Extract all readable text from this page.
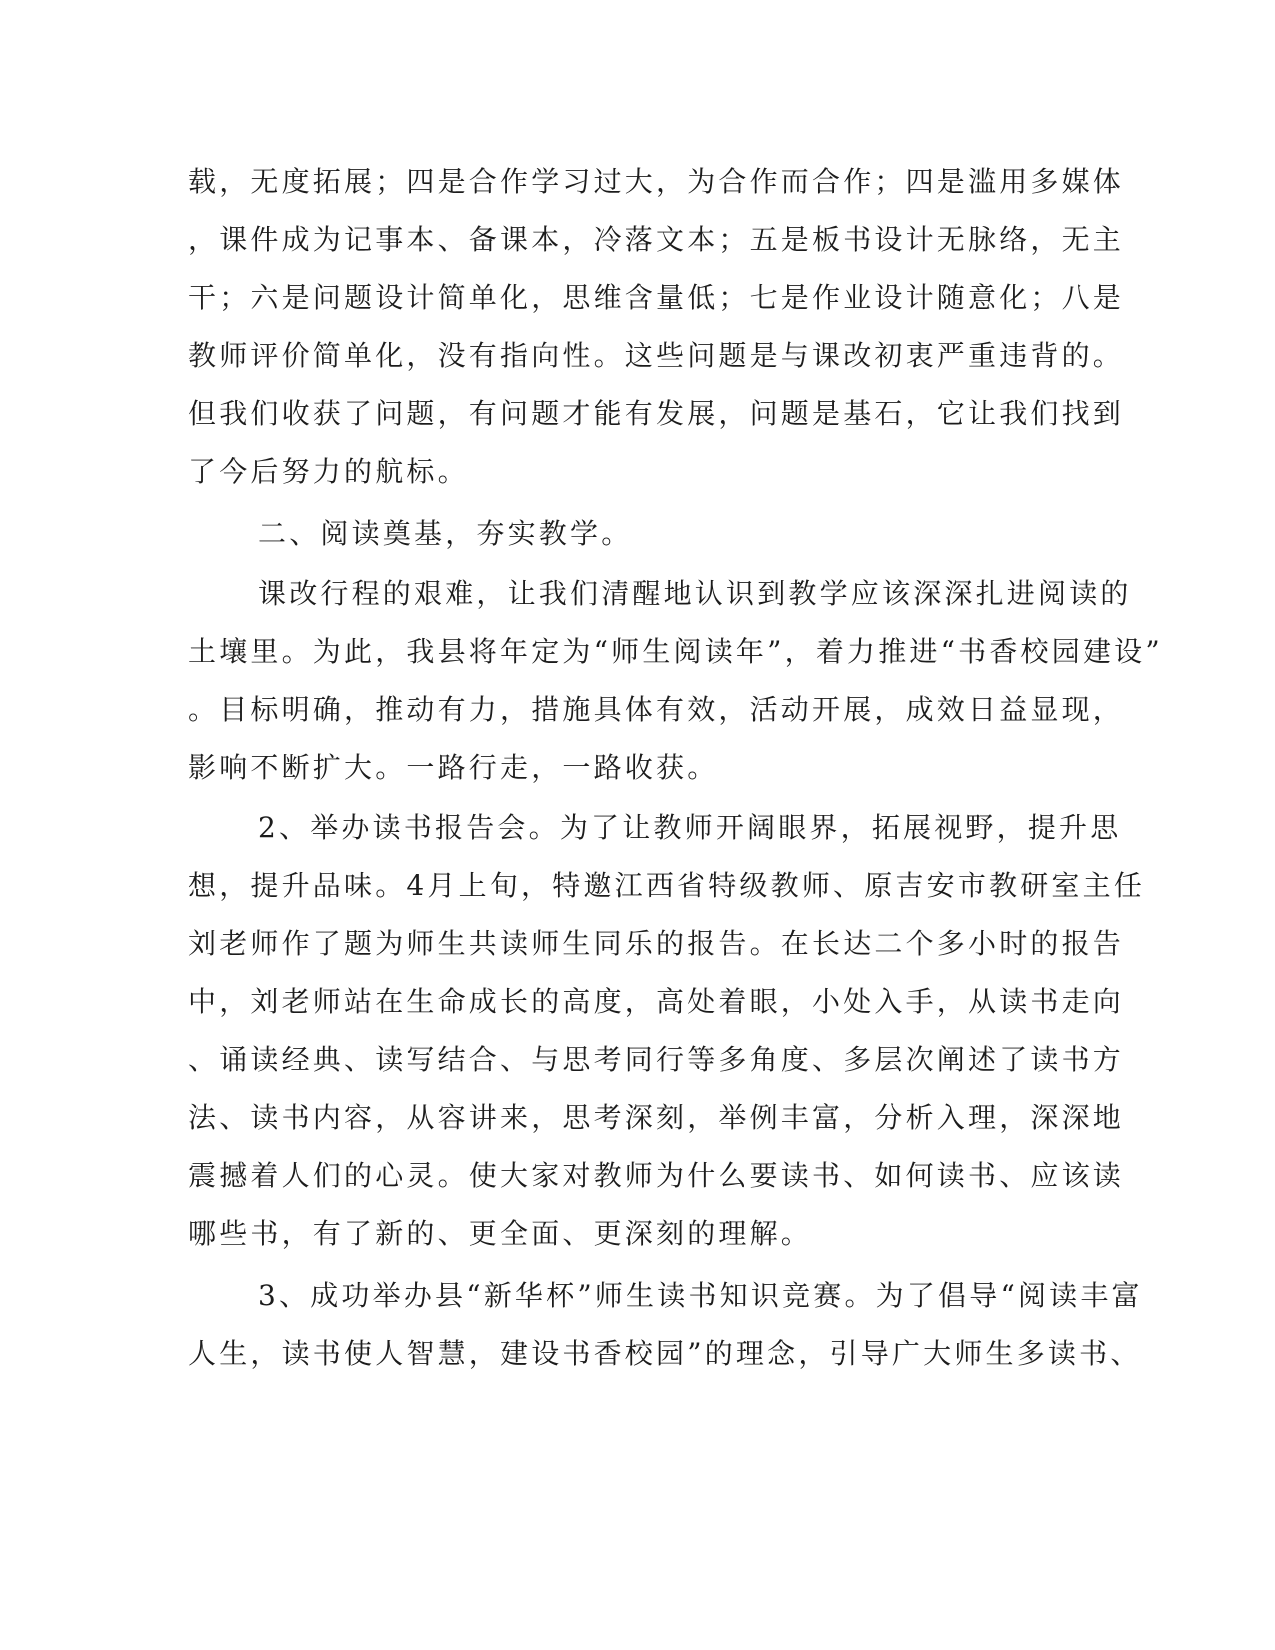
载，无度拓展；四是合作学习过大，为合作而合作；四是滥用多媒体
，课件成为记事本、备课本，冷落文本；五是板书设计无脉络，无主
干；六是问题设计简单化，思维含量低；七是作业设计随意化；八是
教师评价简单化，没有指向性。这些问题是与课改初衷严重违背的。
但我们收获了问题，有问题才能有发展，问题是基石，它让我们找到
了今后努力的航标。
二、阅读奠基，夯实教学。
课改行程的艰难，让我们清醒地认识到教学应该深深扎进阅读的
土壤里。为此，我县将年定为“师生阅读年”，着力推进“书香校园建设”
。目标明确，推动有力，措施具体有效，活动开展，成效日益显现，
影响不断扩大。一路行走，一路收获。
2、举办读书报告会。为了让教师开阔眼界，拓展视野，提升思
想，提升品味。4月上旬，特邀江西省特级教师、原吉安市教研室主任
刘老师作了题为师生共读师生同乐的报告。在长达二个多小时的报告
中，刘老师站在生命成长的高度，高处着眼，小处入手，从读书走向
、诵读经典、读写结合、与思考同行等多角度、多层次阐述了读书方
法、读书内容，从容讲来，思考深刻，举例丰富，分析入理，深深地
震撼着人们的心灵。使大家对教师为什么要读书、如何读书、应该读
哪些书，有了新的、更全面、更深刻的理解。
3、成功举办县“新华杯”师生读书知识竞赛。为了倡导“阅读丰富
人生，读书使人智慧，建设书香校园”的理念，引导广大师生多读书、
